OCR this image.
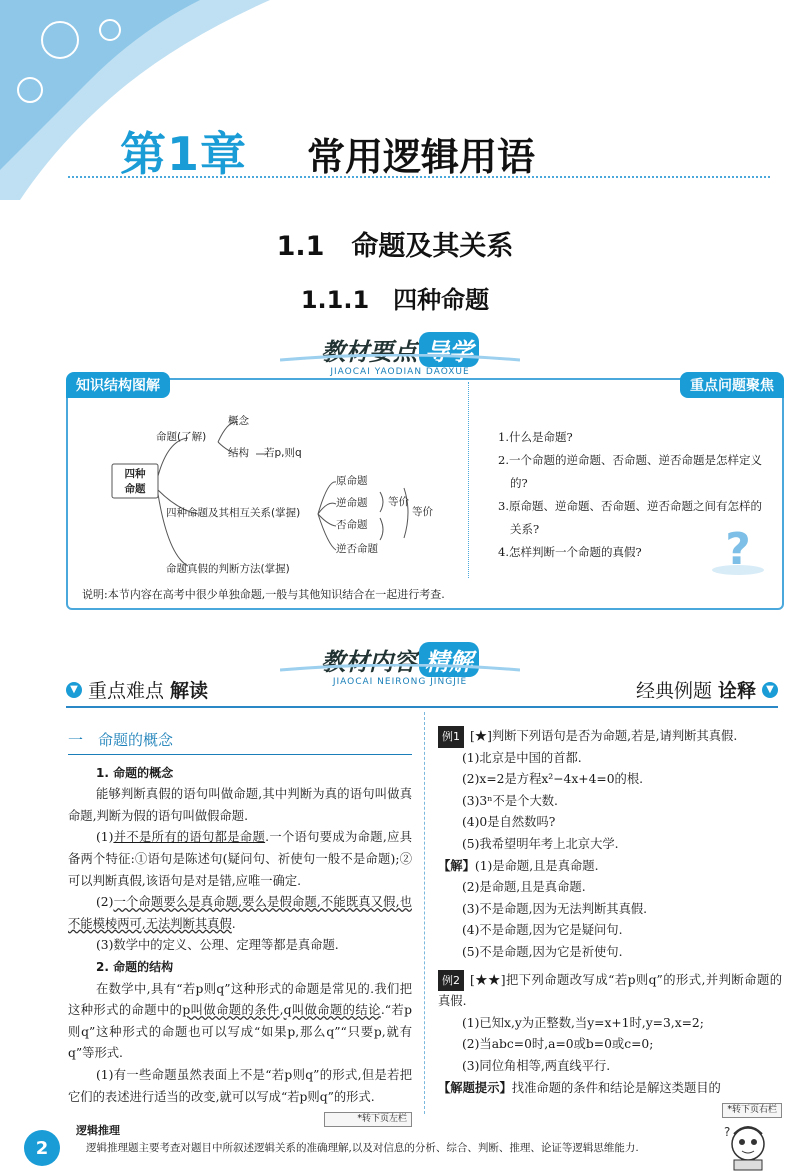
第1章 常用逻辑用语
1.1　命题及其关系
1.1.1　四种命题
教材要点 导学
JIAOCAI YAODIAN DAOXUE
知识结构图解	重点问题聚焦
四种
命题
命题(了解)
概念
结构 若p,则q
四种命题及其相互关系(掌握)
原命题
逆命题
否命题
逆否命题
等价
等价
命题真假的判断方法(掌握)
1.什么是命题?
2.一个命题的逆命题、否命题、逆否命题是怎样定义的?
3.原命题、逆命题、否命题、逆否命题之间有怎样的关系?
4.怎样判断一个命题的真假?	?
说明:本节内容在高考中很少单独命题,一般与其他知识结合在一起进行考查.
教材内容 精解
JIAOCAI NEIRONG JINGJIE
▼ 重点难点 解读	经典例题 诠释	▼
一　命题的概念
1. 命题的概念

能够判断真假的语句叫做命题,其中判断为真的语句叫做真命题,判断为假的语句叫做假命题.

(1)并不是所有的语句都是命题.一个语句要成为命题,应具备两个特征:①语句是陈述句(疑问句、祈使句一般不是命题);②可以判断真假,该语句是对是错,应唯一确定.

(2)一个命题要么是真命题,要么是假命题,不能既真又假,也不能模棱两可,无法判断其真假.

(3)数学中的定义、公理、定理等都是真命题.

2. 命题的结构

在数学中,具有“若p则q”这种形式的命题是常见的.我们把这种形式的命题中的p叫做命题的条件,q叫做命题的结论.“若p则q”这种形式的命题也可以写成“如果p,那么q”“只要p,就有q”等形式.

(1)有一些命题虽然表面上不是“若p则q”的形式,但是若把它们的表述进行适当的改变,就可以写成“若p则q”的形式.
*转下页左栏

例1 [★]判断下列语句是否为命题,若是,请判断其真假.

(1)北京是中国的首都.

(2)x=2是方程x²−4x+4=0的根.

(3)3ⁿ不是个大数.

(4)0是自然数吗?

(5)我希望明年考上北京大学.

【解】(1)是命题,且是真命题.

(2)是命题,且是真命题.

(3)不是命题,因为无法判断其真假.

(4)不是命题,因为它是疑问句.

(5)不是命题,因为它是祈使句.

例2 [★★]把下列命题改写成“若p则q”的形式,并判断命题的真假.

(1)已知x,y为正整数,当y=x+1时,y=3,x=2;

(2)当abc=0时,a=0或b=0或c=0;

(3)同位角相等,两直线平行.

【解题提示】找准命题的条件和结论是解这类题目的

*转下页右栏

2
逻辑推理
逻辑推理题主要考查对题目中所叙述逻辑关系的准确理解,以及对信息的分析、综合、判断、推理、论证等逻辑思维能力.
?
